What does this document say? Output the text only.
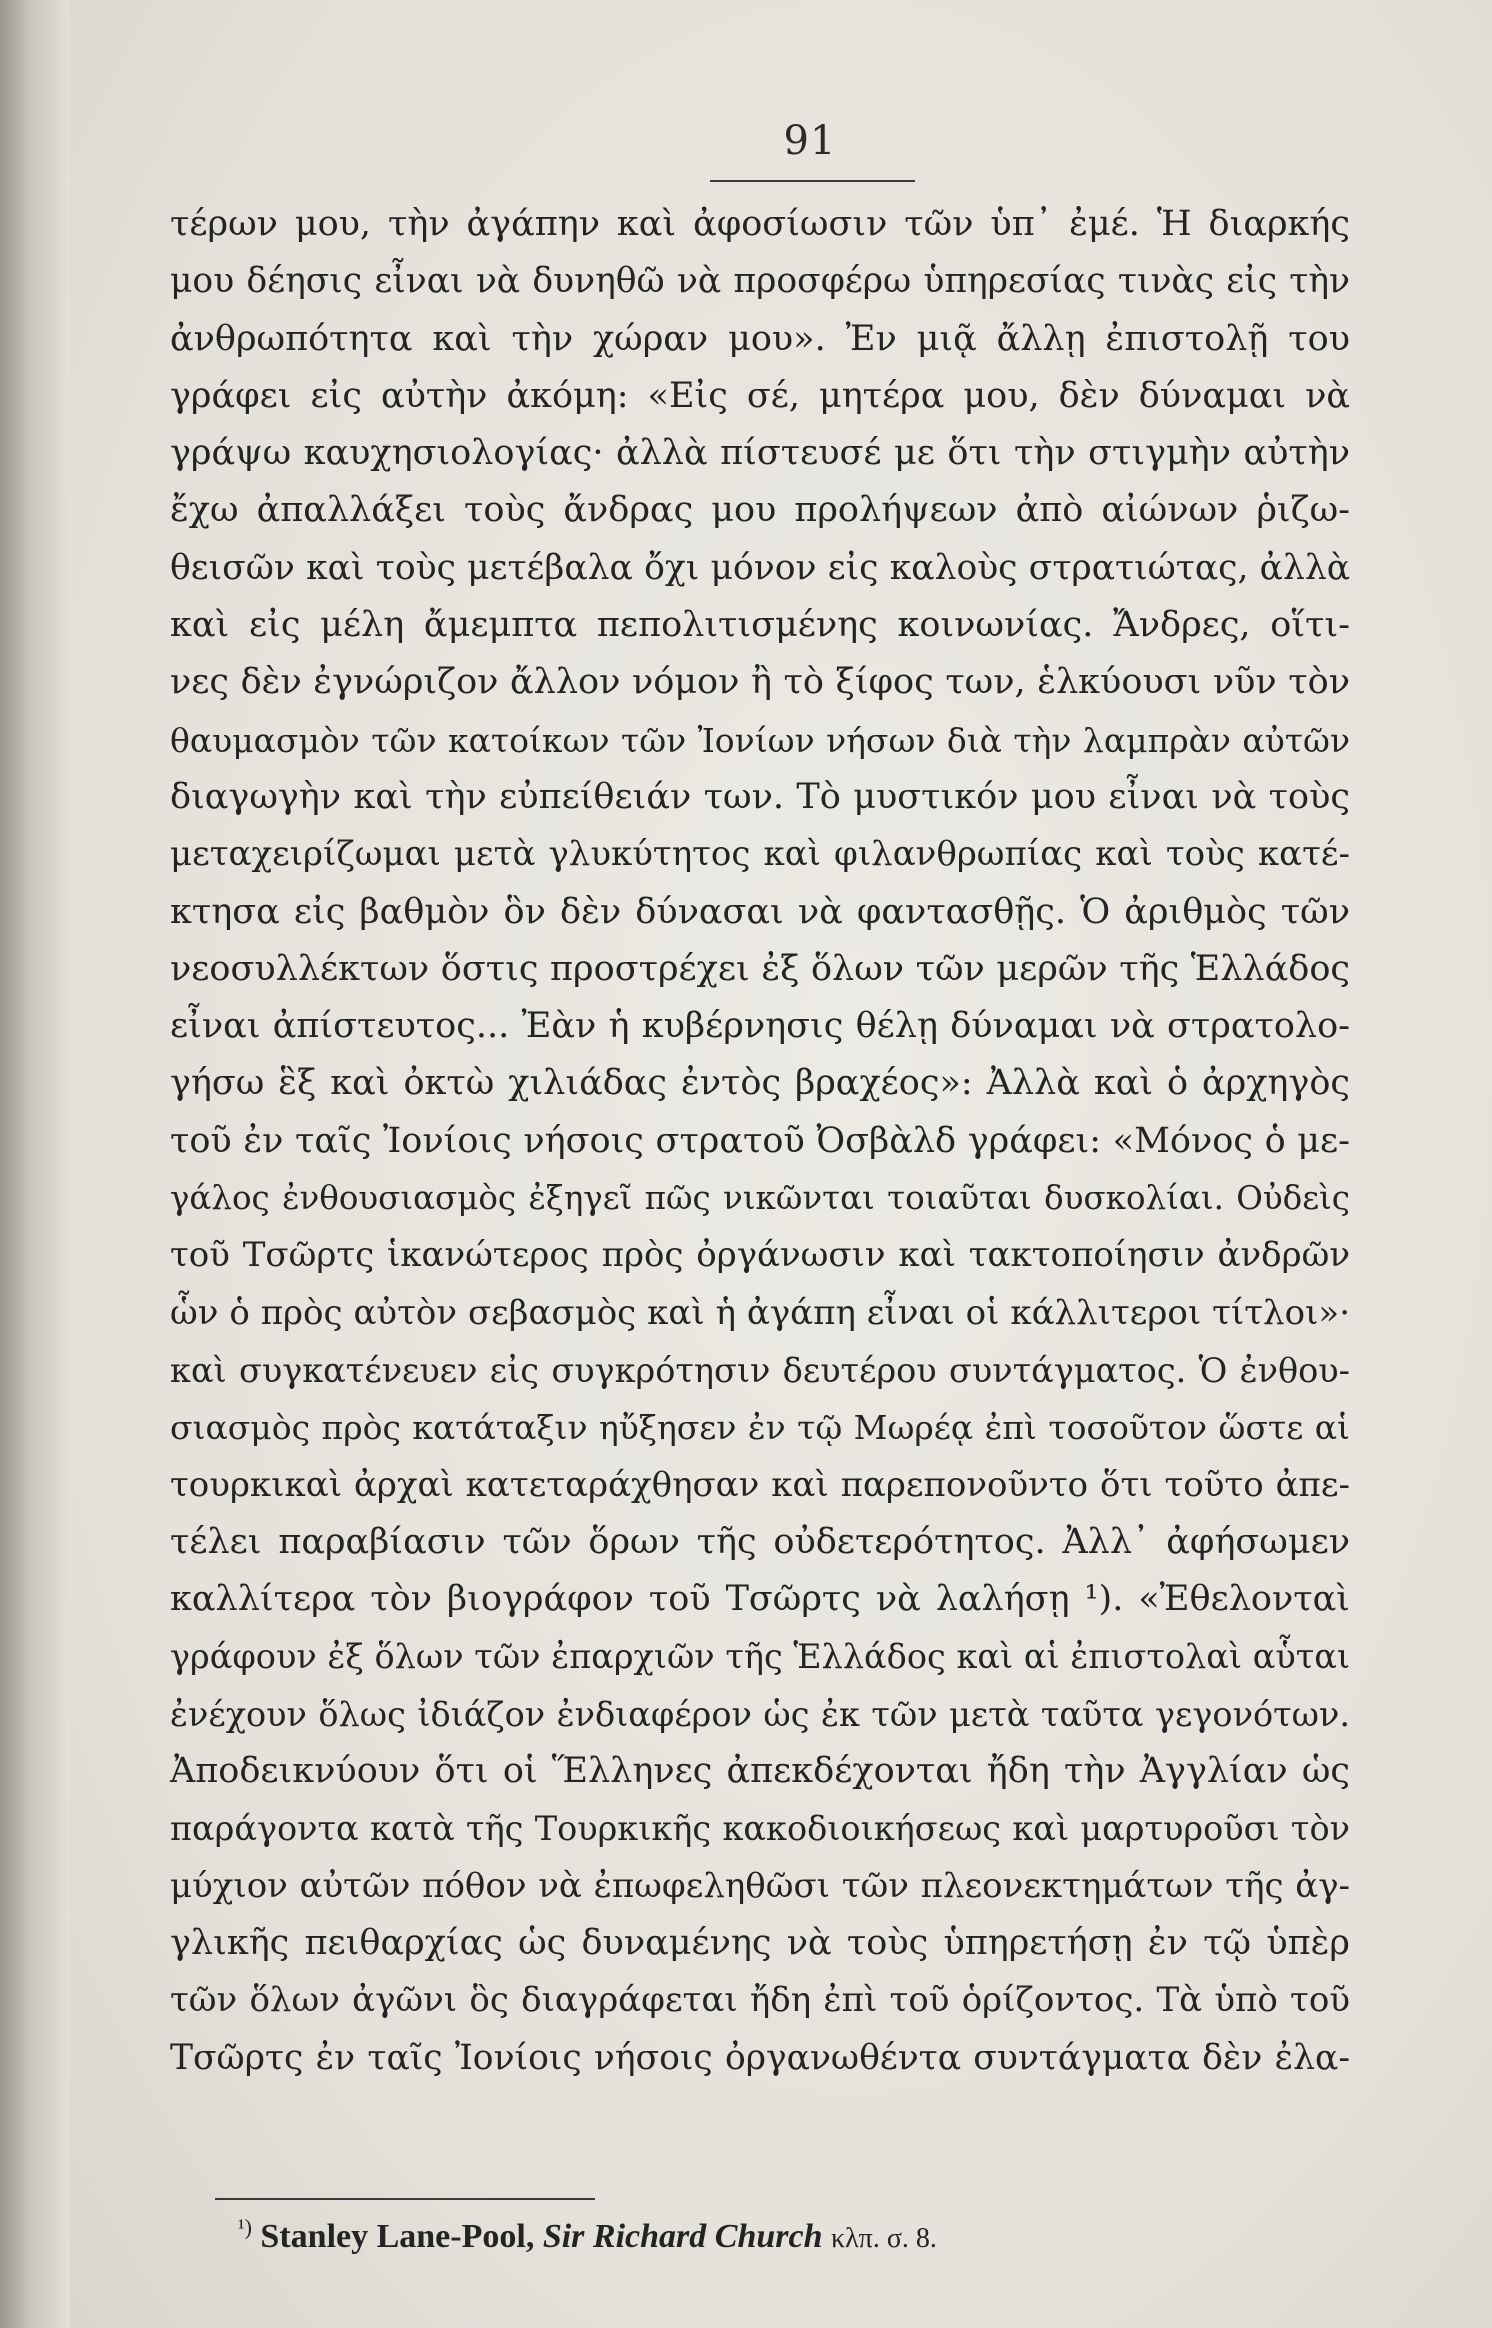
91
τέρων μου, τὴν ἀγάπην καὶ ἀφοσίωσιν τῶν ὑπ᾿ ἐμέ. Ἡ διαρκής
μου δέησις εἶναι νὰ δυνηθῶ νὰ προσφέρω ὑπηρεσίας τινὰς εἰς τὴν
ἀνθρωπότητα καὶ τὴν χώραν μου». Ἐν μιᾷ ἄλλῃ ἐπιστολῇ του
γράφει εἰς αὐτὴν ἀκόμη: «Εἰς σέ, μητέρα μου, δὲν δύναμαι νὰ
γράψω καυχησιολογίας· ἀλλὰ πίστευσέ με ὅτι τὴν στιγμὴν αὐτὴν
ἔχω ἀπαλλάξει τοὺς ἄνδρας μου προλήψεων ἀπὸ αἰώνων ῥιζω-
θεισῶν καὶ τοὺς μετέβαλα ὄχι μόνον εἰς καλοὺς στρατιώτας, ἀλλὰ
καὶ εἰς μέλη ἄμεμπτα πεπολιτισμένης κοινωνίας. Ἄνδρες, οἵτι-
νες δὲν ἐγνώριζον ἄλλον νόμον ἢ τὸ ξίφος των, ἑλκύουσι νῦν τὸν
θαυμασμὸν τῶν κατοίκων τῶν Ἰονίων νήσων διὰ τὴν λαμπρὰν αὐτῶν
διαγωγὴν καὶ τὴν εὐπείθειάν των. Τὸ μυστικόν μου εἶναι νὰ τοὺς
μεταχειρίζωμαι μετὰ γλυκύτητος καὶ φιλανθρωπίας καὶ τοὺς κατέ-
κτησα εἰς βαθμὸν ὃν δὲν δύνασαι νὰ φαντασθῇς. Ὁ ἀριθμὸς τῶν
νεοσυλλέκτων ὅστις προστρέχει ἐξ ὅλων τῶν μερῶν τῆς Ἑλλάδος
εἶναι ἀπίστευτος... Ἐὰν ἡ κυβέρνησις θέλῃ δύναμαι νὰ στρατολο-
γήσω ἓξ καὶ ὀκτὼ χιλιάδας ἐντὸς βραχέος»: Ἀλλὰ καὶ ὁ ἀρχηγὸς
τοῦ ἐν ταῖς Ἰονίοις νήσοις στρατοῦ Ὀσβὰλδ γράφει: «Μόνος ὁ με-
γάλος ἐνθουσιασμὸς ἐξηγεῖ πῶς νικῶνται τοιαῦται δυσκολίαι. Οὐδεὶς
τοῦ Τσῶρτς ἱκανώτερος πρὸς ὀργάνωσιν καὶ τακτοποίησιν ἀνδρῶν
ὧν ὁ πρὸς αὐτὸν σεβασμὸς καὶ ἡ ἀγάπη εἶναι οἱ κάλλιτεροι τίτλοι»·
καὶ συγκατένευεν εἰς συγκρότησιν δευτέρου συντάγματος. Ὁ ἐνθου-
σιασμὸς πρὸς κατάταξιν ηὔξησεν ἐν τῷ Μωρέᾳ ἐπὶ τοσοῦτον ὥστε αἱ
τουρκικαὶ ἀρχαὶ κατεταράχθησαν καὶ παρεπονοῦντο ὅτι τοῦτο ἀπε-
τέλει παραβίασιν τῶν ὅρων τῆς οὐδετερότητος. Ἀλλ᾿ ἀφήσωμεν
καλλίτερα τὸν βιογράφον τοῦ Τσῶρτς νὰ λαλήσῃ ¹). «Ἐθελονταὶ
γράφουν ἐξ ὅλων τῶν ἐπαρχιῶν τῆς Ἑλλάδος καὶ αἱ ἐπιστολαὶ αὗται
ἐνέχουν ὅλως ἰδιάζον ἐνδιαφέρον ὡς ἐκ τῶν μετὰ ταῦτα γεγονότων.
Ἀποδεικνύουν ὅτι οἱ Ἕλληνες ἀπεκδέχονται ἤδη τὴν Ἀγγλίαν ὡς
παράγοντα κατὰ τῆς Τουρκικῆς κακοδιοικήσεως καὶ μαρτυροῦσι τὸν
μύχιον αὐτῶν πόθον νὰ ἐπωφεληθῶσι τῶν πλεονεκτημάτων τῆς ἀγ-
γλικῆς πειθαρχίας ὡς δυναμένης νὰ τοὺς ὑπηρετήσῃ ἐν τῷ ὑπὲρ
τῶν ὅλων ἀγῶνι ὃς διαγράφεται ἤδη ἐπὶ τοῦ ὁρίζοντος. Τὰ ὑπὸ τοῦ
Τσῶρτς ἐν ταῖς Ἰονίοις νήσοις ὀργανωθέντα συντάγματα δὲν ἐλα-
$^{^1)}$ Stanley Lane-Pool, Sir Richard Church κλπ. σ. 8.
